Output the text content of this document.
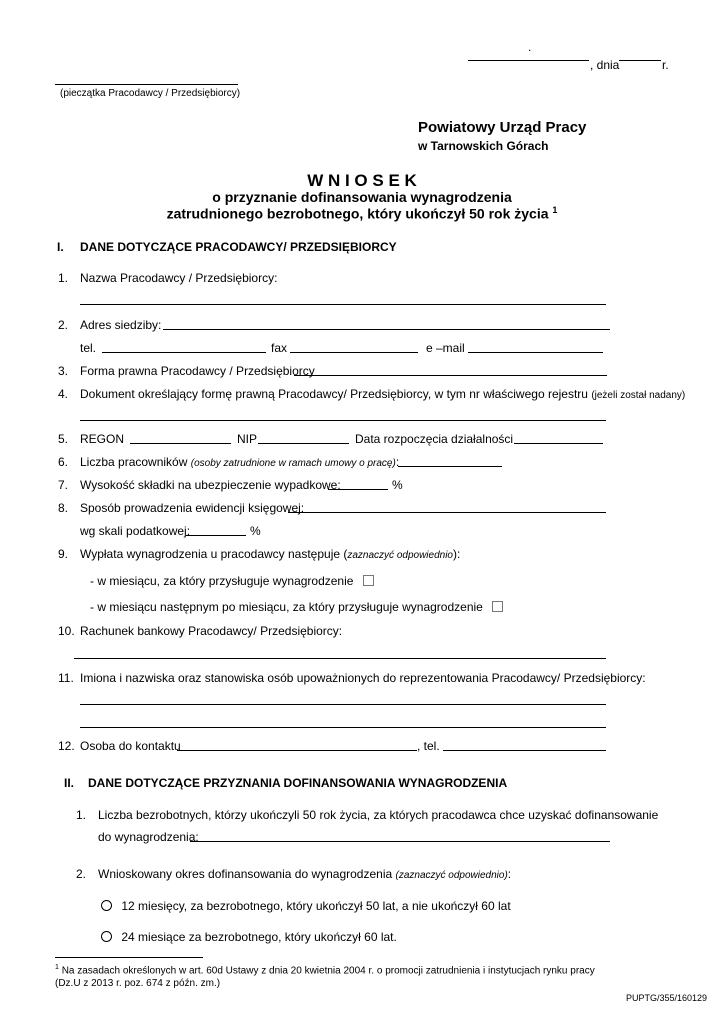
.
, dnia	r.
(pieczątka Pracodawcy / Przedsiębiorcy)
Powiatowy Urząd Pracy
w Tarnowskich Górach
W N I O S E K
o przyznanie dofinansowania wynagrodzenia
zatrudnionego bezrobotnego, który ukończył 50 rok życia $^1$
I. DANE DOTYCZĄCE PRACODAWCY/ PRZEDSIĘBIORCY
1. Nazwa Pracodawcy / Przedsiębiorcy:
2. Adres siedziby:
tel.	fax	e –mail
3. Forma prawna Pracodawcy / Przedsiębiorcy
4. Dokument określający formę prawną Pracodawcy/ Przedsiębiorcy, w tym nr właściwego rejestru (jeżeli został nadany)
5. REGON	NIP	Data rozpoczęcia działalności
6. Liczba pracowników (osoby zatrudnione w ramach umowy o pracę):
7. Wysokość składki na ubezpieczenie wypadkowe:	%
8. Sposób prowadzenia ewidencji księgowej:
wg skali podatkowej:	%
9. Wypłata wynagrodzenia u pracodawcy następuje (zaznaczyć odpowiednio):
- w miesiącu, za który przysługuje wynagrodzenie
- w miesiącu następnym po miesiącu, za który przysługuje wynagrodzenie
10. Rachunek bankowy Pracodawcy/ Przedsiębiorcy:
11. Imiona i nazwiska oraz stanowiska osób upoważnionych do reprezentowania Pracodawcy/ Przedsiębiorcy:
12. Osoba do kontaktu	, tel.
II. DANE DOTYCZĄCE PRZYZNANIA DOFINANSOWANIA WYNAGRODZENIA
1. Liczba bezrobotnych, którzy ukończyli 50 rok życia, za których pracodawca chce uzyskać dofinansowanie
do wynagrodzenia:
2. Wnioskowany okres dofinansowania do wynagrodzenia (zaznaczyć odpowiednio):
12 miesięcy, za bezrobotnego, który ukończył 50 lat, a nie ukończył 60 lat
24 miesiące za bezrobotnego, który ukończył 60 lat.
$^1$ Na zasadach określonych w art. 60d Ustawy z dnia 20 kwietnia 2004 r. o promocji zatrudnienia i instytucjach rynku pracy
(Dz.U z 2013 r. poz. 674 z późn. zm.)
PUPTG/355/160129
